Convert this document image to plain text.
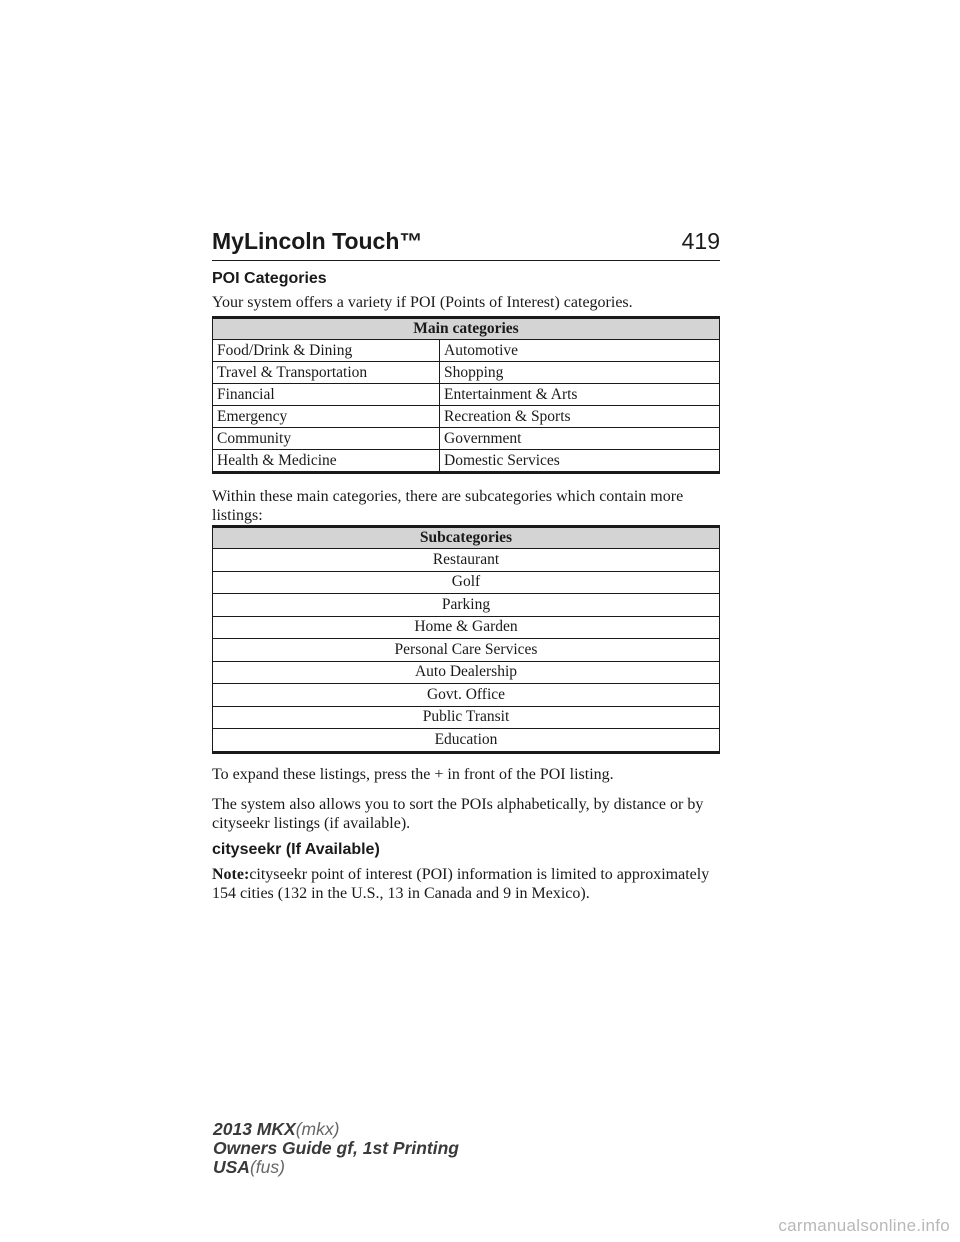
MyLincoln Touch™	419
POI Categories
Your system offers a variety if POI (Points of Interest) categories.
Main categories	
Food/Drink & Dining	Automotive
Travel & Transportation	Shopping
Financial	Entertainment & Arts
Emergency	Recreation & Sports
Community	Government
Health & Medicine	Domestic Services
Within these main categories, there are subcategories which contain more listings:
Subcategories
Restaurant
Golf
Parking
Home & Garden
Personal Care Services
Auto Dealership
Govt. Office
Public Transit
Education
To expand these listings, press the + in front of the POI listing.
The system also allows you to sort the POIs alphabetically, by distance or by cityseekr listings (if available).
cityseekr (If Available)
Note:cityseekr point of interest (POI) information is limited to approximately 154 cities (132 in the U.S., 13 in Canada and 9 in Mexico).
2013 MKX(mkx)
Owners Guide gf, 1st Printing
USA(fus)
carmanualsonline.info
